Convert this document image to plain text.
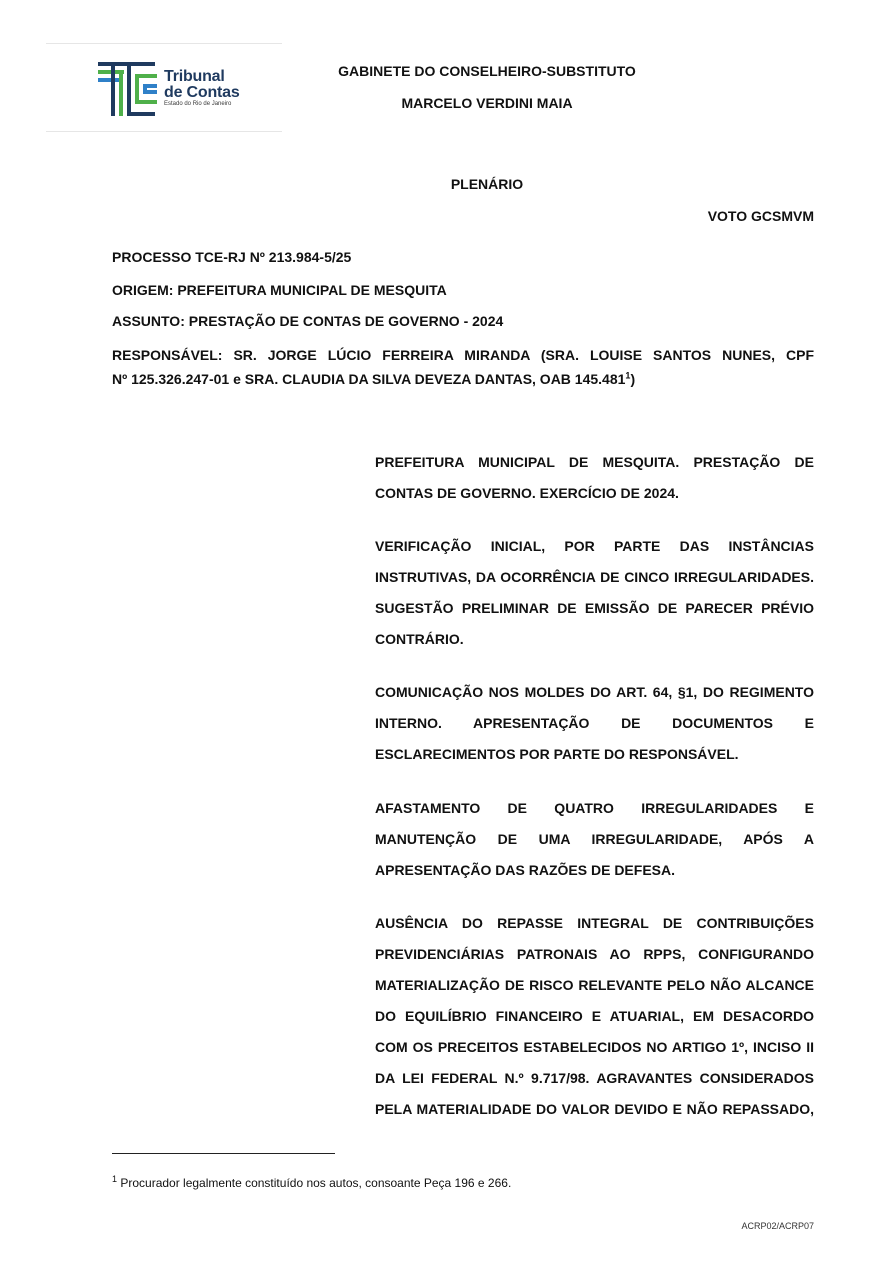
Tribunal
de Contas
Estado do Rio de Janeiro
GABINETE DO CONSELHEIRO-SUBSTITUTO
MARCELO VERDINI MAIA
PLENÁRIO
VOTO GCSMVM
PROCESSO TCE-RJ Nº 213.984-5/25
ORIGEM: PREFEITURA MUNICIPAL DE MESQUITA
ASSUNTO: PRESTAÇÃO DE CONTAS DE GOVERNO - 2024
RESPONSÁVEL: SR. JORGE LÚCIO FERREIRA MIRANDA (SRA. LOUISE SANTOS NUNES, CPF
Nº 125.326.247-01 e SRA. CLAUDIA DA SILVA DEVEZA DANTAS, OAB 145.481$^1$)
PREFEITURA MUNICIPAL DE MESQUITA. PRESTAÇÃO DE
CONTAS DE GOVERNO. EXERCÍCIO DE 2024.
VERIFICAÇÃO INICIAL, POR PARTE DAS INSTÂNCIAS
INSTRUTIVAS, DA OCORRÊNCIA DE CINCO IRREGULARIDADES.
SUGESTÃO PRELIMINAR DE EMISSÃO DE PARECER PRÉVIO
CONTRÁRIO.
COMUNICAÇÃO NOS MOLDES DO ART. 64, §1, DO REGIMENTO
INTERNO. APRESENTAÇÃO DE DOCUMENTOS E
ESCLARECIMENTOS POR PARTE DO RESPONSÁVEL.
AFASTAMENTO DE QUATRO IRREGULARIDADES E
MANUTENÇÃO DE UMA IRREGULARIDADE, APÓS A
APRESENTAÇÃO DAS RAZÕES DE DEFESA.
AUSÊNCIA DO REPASSE INTEGRAL DE CONTRIBUIÇÕES
PREVIDENCIÁRIAS PATRONAIS AO RPPS, CONFIGURANDO
MATERIALIZAÇÃO DE RISCO RELEVANTE PELO NÃO ALCANCE
DO EQUILÍBRIO FINANCEIRO E ATUARIAL, EM DESACORDO
COM OS PRECEITOS ESTABELECIDOS NO ARTIGO 1º, INCISO II
DA LEI FEDERAL N.º 9.717/98. AGRAVANTES CONSIDERADOS
PELA MATERIALIDADE DO VALOR DEVIDO E NÃO REPASSADO,
$^1$ Procurador legalmente constituído nos autos, consoante Peça 196 e 266.
ACRP02/ACRP07
